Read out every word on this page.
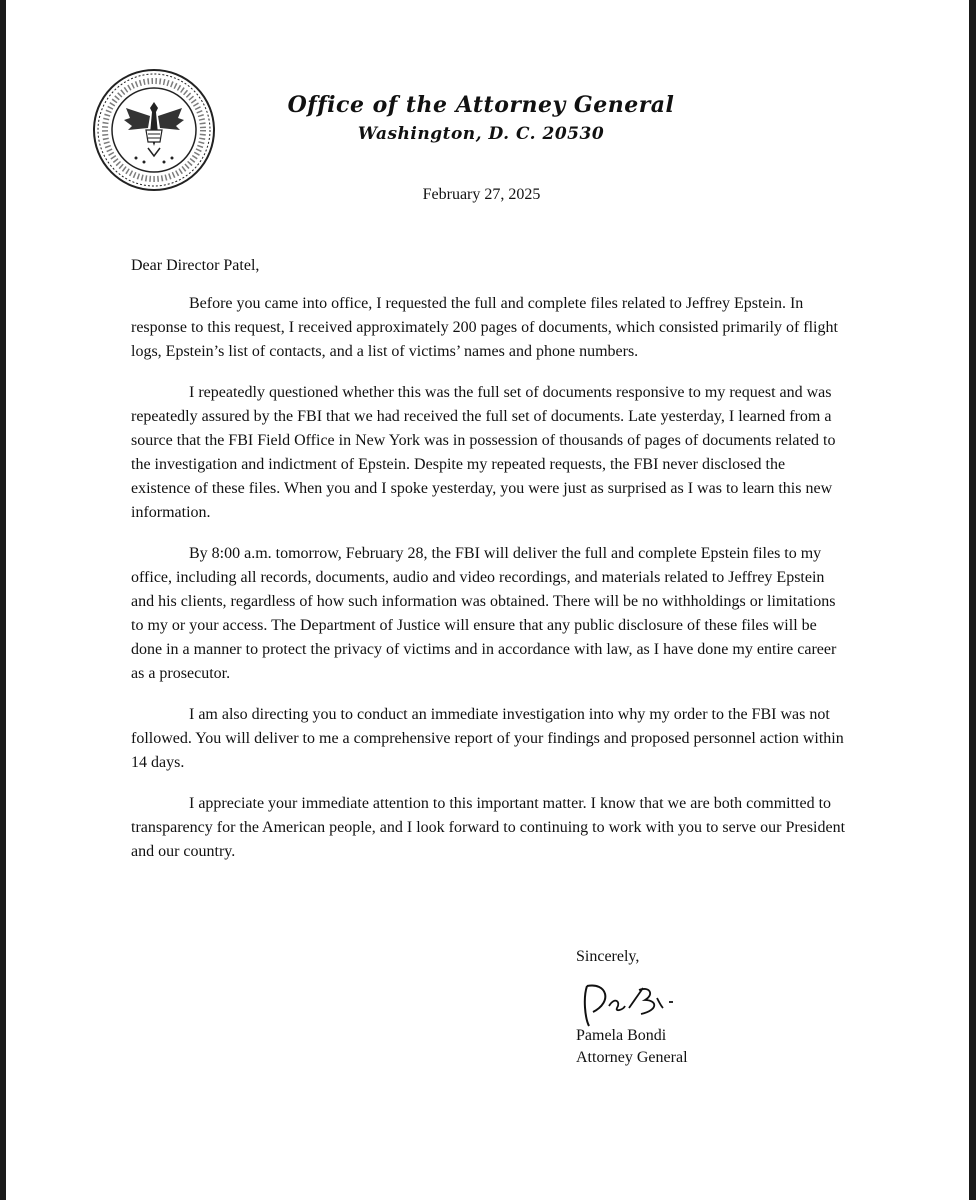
Office of the Attorney General

Washington, D. C. 20530

February 27, 2025

Dear Director Patel,

Before you came into office, I requested the full and complete files related to Jeffrey Epstein. In response to this request, I received approximately 200 pages of documents, which consisted primarily of flight logs, Epstein’s list of contacts, and a list of victims’ names and phone numbers.

I repeatedly questioned whether this was the full set of documents responsive to my request and was repeatedly assured by the FBI that we had received the full set of documents. Late yesterday, I learned from a source that the FBI Field Office in New York was in possession of thousands of pages of documents related to the investigation and indictment of Epstein. Despite my repeated requests, the FBI never disclosed the existence of these files. When you and I spoke yesterday, you were just as surprised as I was to learn this new information.

By 8:00 a.m. tomorrow, February 28, the FBI will deliver the full and complete Epstein files to my office, including all records, documents, audio and video recordings, and materials related to Jeffrey Epstein and his clients, regardless of how such information was obtained. There will be no withholdings or limitations to my or your access. The Department of Justice will ensure that any public disclosure of these files will be done in a manner to protect the privacy of victims and in accordance with law, as I have done my entire career as a prosecutor.

I am also directing you to conduct an immediate investigation into why my order to the FBI was not followed. You will deliver to me a comprehensive report of your findings and proposed personnel action within 14 days.

I appreciate your immediate attention to this important matter. I know that we are both committed to transparency for the American people, and I look forward to continuing to work with you to serve our President and our country.

Sincerely,
Pamela Bondi
Attorney General
